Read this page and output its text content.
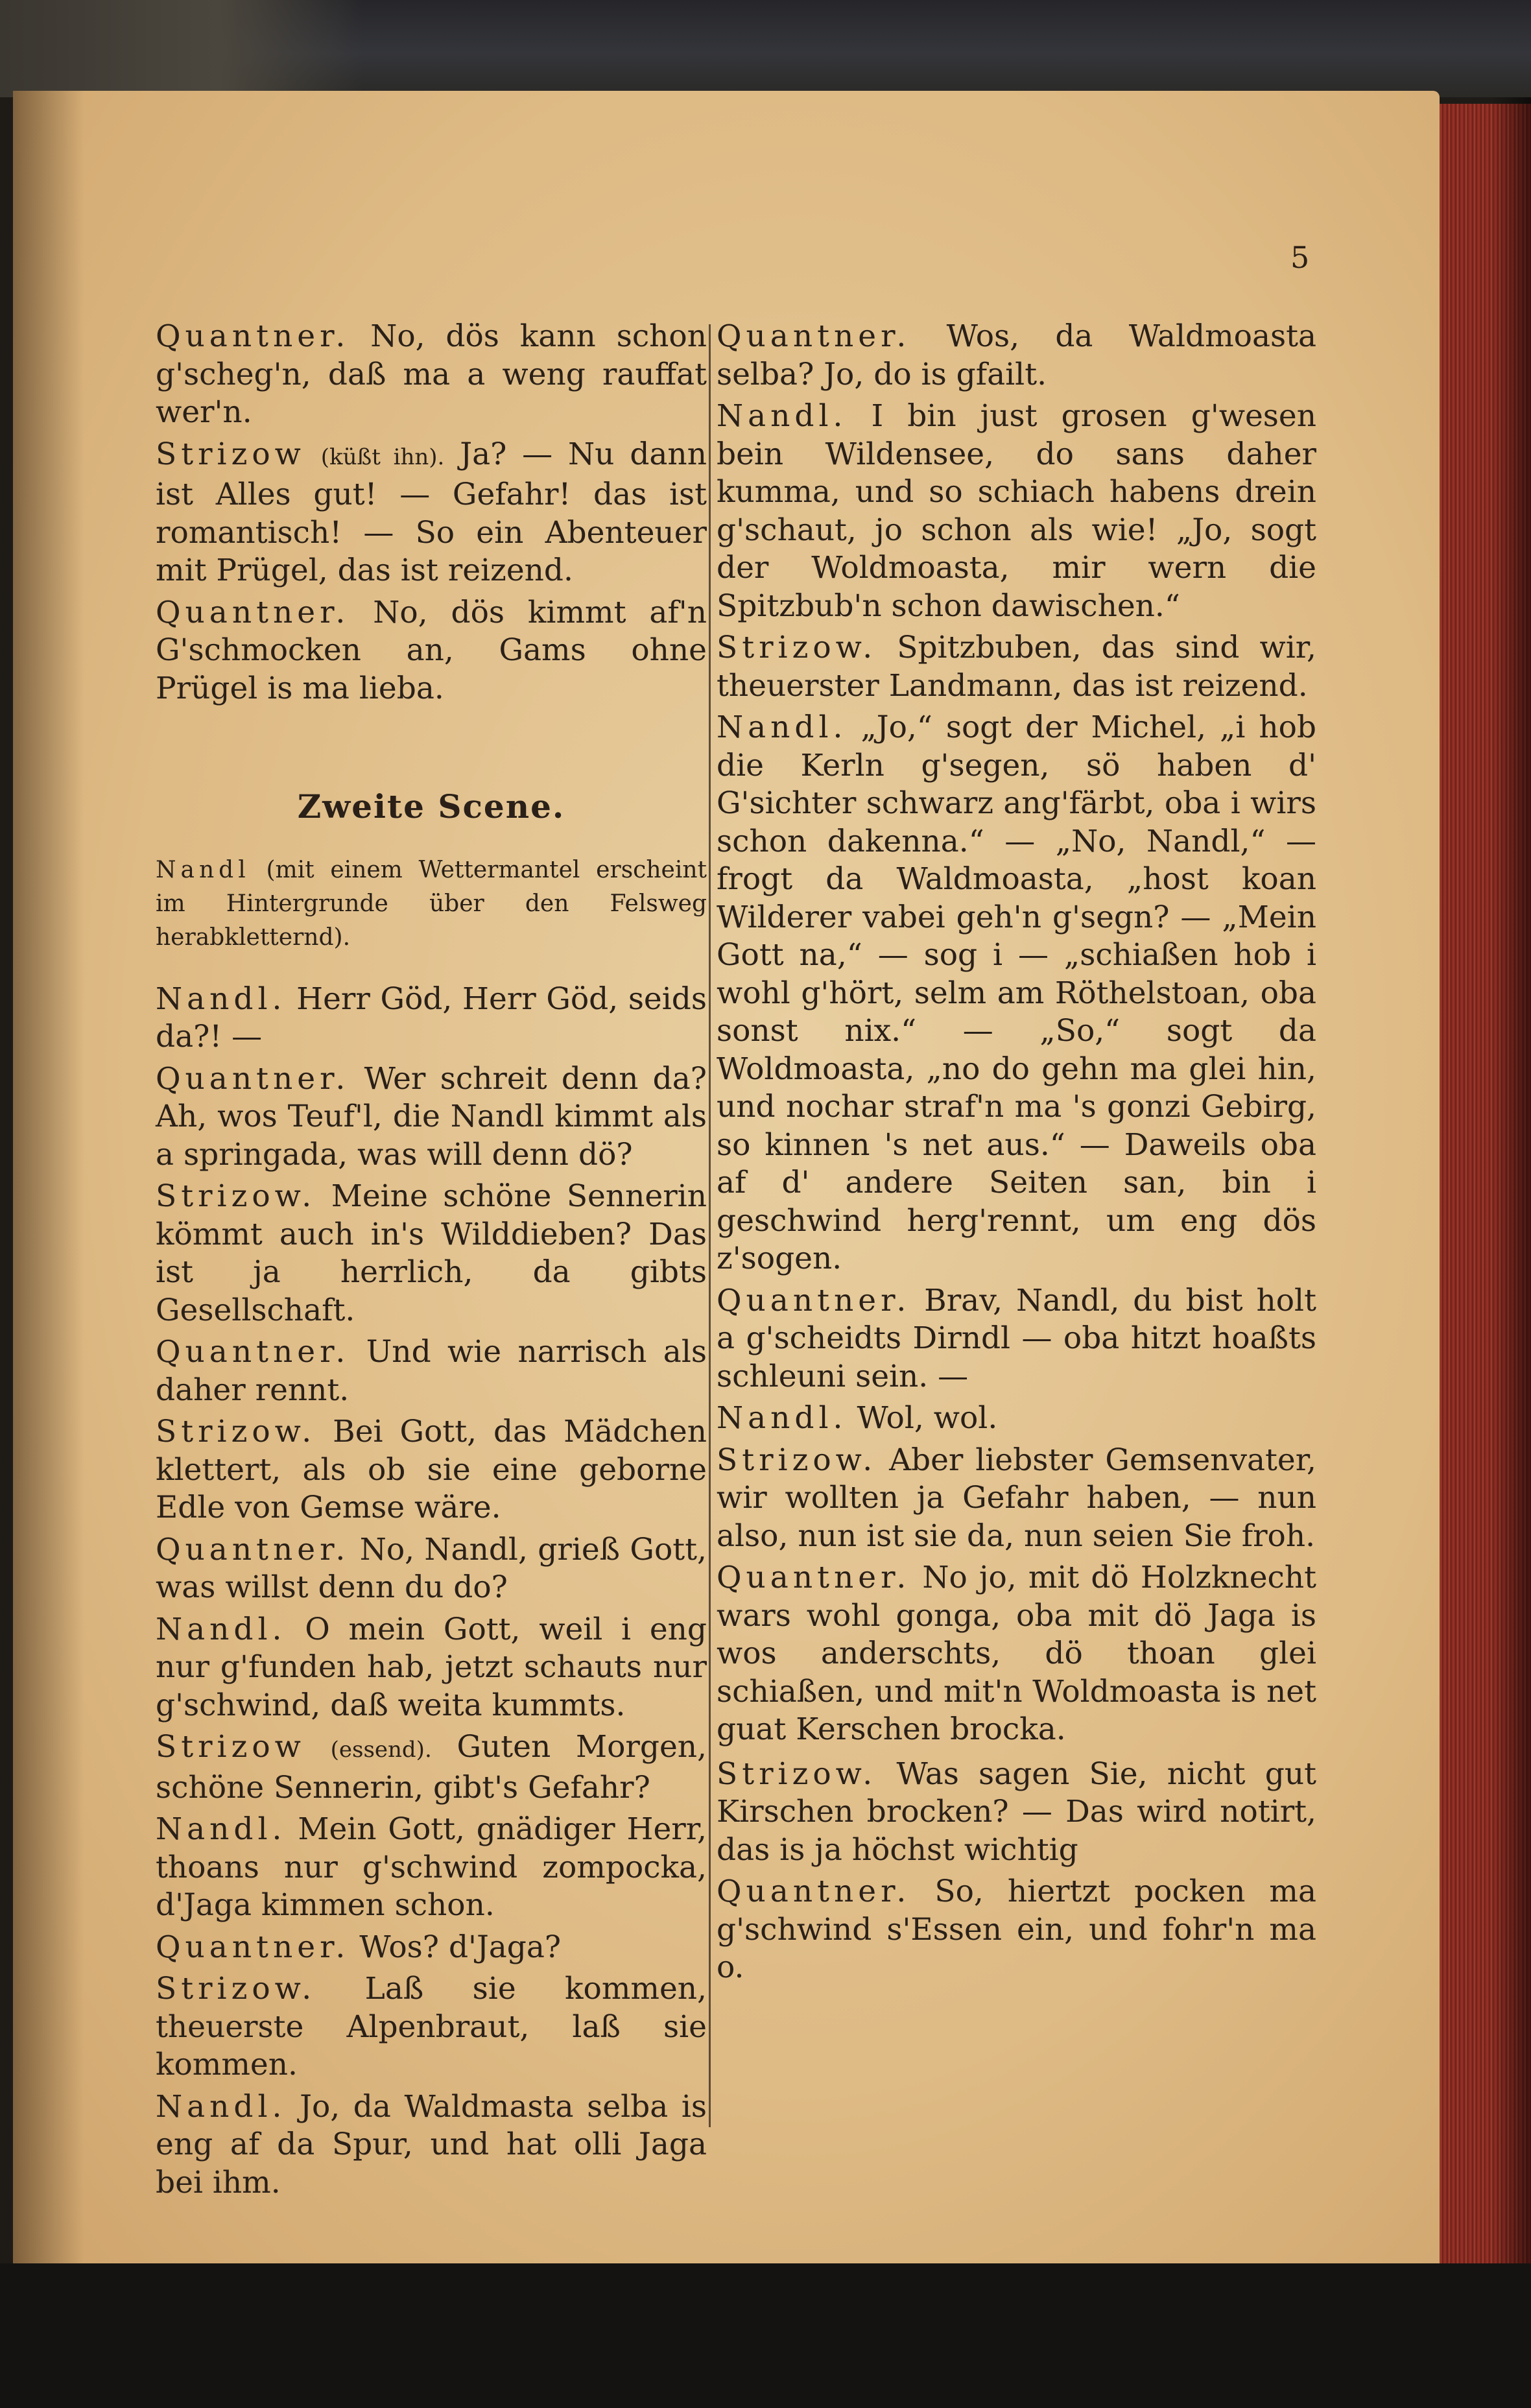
5

Quantner. No, dös kann schon g'scheg'n, daß ma a weng rauffat wer'n.

Strizow (küßt ihn). Ja? — Nu dann ist Alles gut! — Gefahr! das ist romantisch! — So ein Abenteuer mit Prügel, das ist reizend.

Quantner. No, dös kimmt af'n G'schmocken an, Gams ohne Prügel is ma lieba.

Zweite Scene.

Nandl (mit einem Wettermantel erscheint im Hintergrunde über den Felsweg herabkletternd).

Nandl. Herr Göd, Herr Göd, seids da?! —

Quantner. Wer schreit denn da? Ah, wos Teuf'l, die Nandl kimmt als a springada, was will denn dö?

Strizow. Meine schöne Sennerin kömmt auch in's Wilddieben? Das ist ja herrlich, da gibts Gesellschaft.

Quantner. Und wie narrisch als daher rennt.

Strizow. Bei Gott, das Mädchen klettert, als ob sie eine geborne Edle von Gemse wäre.

Quantner. No, Nandl, grieß Gott, was willst denn du do?

Nandl. O mein Gott, weil i eng nur g'funden hab, jetzt schauts nur g'schwind, daß weita kummts.

Strizow (essend). Guten Morgen, schöne Sennerin, gibt's Gefahr?

Nandl. Mein Gott, gnädiger Herr, thoans nur g'schwind zompocka, d'Jaga kimmen schon.

Quantner. Wos? d'Jaga?

Strizow. Laß sie kommen, theuerste Alpenbraut, laß sie kommen.

Nandl. Jo, da Waldmasta selba is eng af da Spur, und hat olli Jaga bei ihm.

Quantner. Wos, da Waldmoasta selba? Jo, do is gfailt.

Nandl. I bin just grosen g'wesen bein Wildensee, do sans daher kumma, und so schiach habens drein g'schaut, jo schon als wie! „Jo, sogt der Woldmoasta, mir wern die Spitzbub'n schon dawischen.“

Strizow. Spitzbuben, das sind wir, theuerster Landmann, das ist reizend.

Nandl. „Jo,“ sogt der Michel, „i hob die Kerln g'segen, sö haben d' G'sichter schwarz ang'färbt, oba i wirs schon dakenna.“ — „No, Nandl,“ — frogt da Waldmoasta, „host koan Wilderer vabei geh'n g'segn? — „Mein Gott na,“ — sog i — „schiaßen hob i wohl g'hört, selm am Röthelstoan, oba sonst nix.“ — „So,“ sogt da Woldmoasta, „no do gehn ma glei hin, und nochar straf'n ma 's gonzi Gebirg, so kinnen 's net aus.“ — Daweils oba af d' andere Seiten san, bin i geschwind herg'rennt, um eng dös z'sogen.

Quantner. Brav, Nandl, du bist holt a g'scheidts Dirndl — oba hitzt hoaßts schleuni sein. —

Nandl. Wol, wol.

Strizow. Aber liebster Gemsenvater, wir wollten ja Gefahr haben, — nun also, nun ist sie da, nun seien Sie froh.

Quantner. No jo, mit dö Holzknecht wars wohl gonga, oba mit dö Jaga is wos anderschts, dö thoan glei schiaßen, und mit'n Woldmoasta is net guat Kerschen brocka.

Strizow. Was sagen Sie, nicht gut Kirschen brocken? — Das wird notirt, das is ja höchst wichtig

Quantner. So, hiertzt pocken ma g'schwind s'Essen ein, und fohr'n ma o.
